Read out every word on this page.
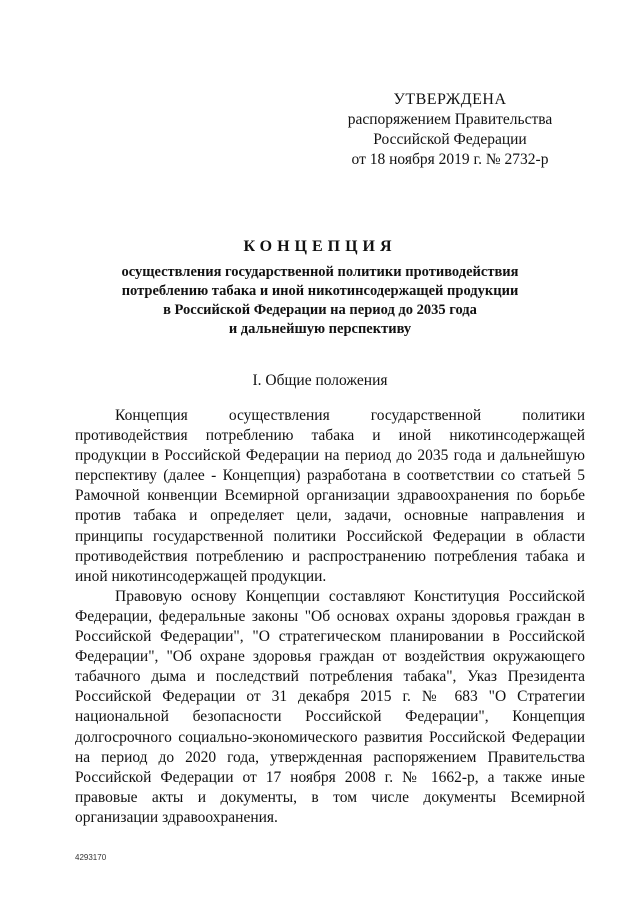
УТВЕРЖДЕНА
распоряжением Правительства
Российской Федерации
от 18 ноября 2019 г. № 2732-р
КОНЦЕПЦИЯ
осуществления государственной политики противодействия
потреблению табака и иной никотинсодержащей продукции
в Российской Федерации на период до 2035 года
и дальнейшую перспективу
I. Общие положения

Концепция осуществления государственной политики противодействия потреблению табака и иной никотинсодержащей продукции в Российской Федерации на период до 2035 года и дальнейшую перспективу (далее - Концепция) разработана в соответствии со статьей 5 Рамочной конвенции Всемирной организации здравоохранения по борьбе против табака и определяет цели, задачи, основные направления и принципы государственной политики Российской Федерации в области противодействия потреблению и распространению потребления табака и иной никотинсодержащей продукции.

Правовую основу Концепции составляют Конституция Российской Федерации, федеральные законы "Об основах охраны здоровья граждан в Российской Федерации", "О стратегическом планировании в Российской Федерации", "Об охране здоровья граждан от воздействия окружающего табачного дыма и последствий потребления табака", Указ Президента Российской Федерации от 31 декабря 2015 г. № 683 "О Стратегии национальной безопасности Российской Федерации", Концепция долгосрочного социально-экономического развития Российской Федерации на период до 2020 года, утвержденная распоряжением Правительства Российской Федерации от 17 ноября 2008 г. № 1662-р, а также иные правовые акты и документы, в том числе документы Всемирной организации здравоохранения.

4293170
